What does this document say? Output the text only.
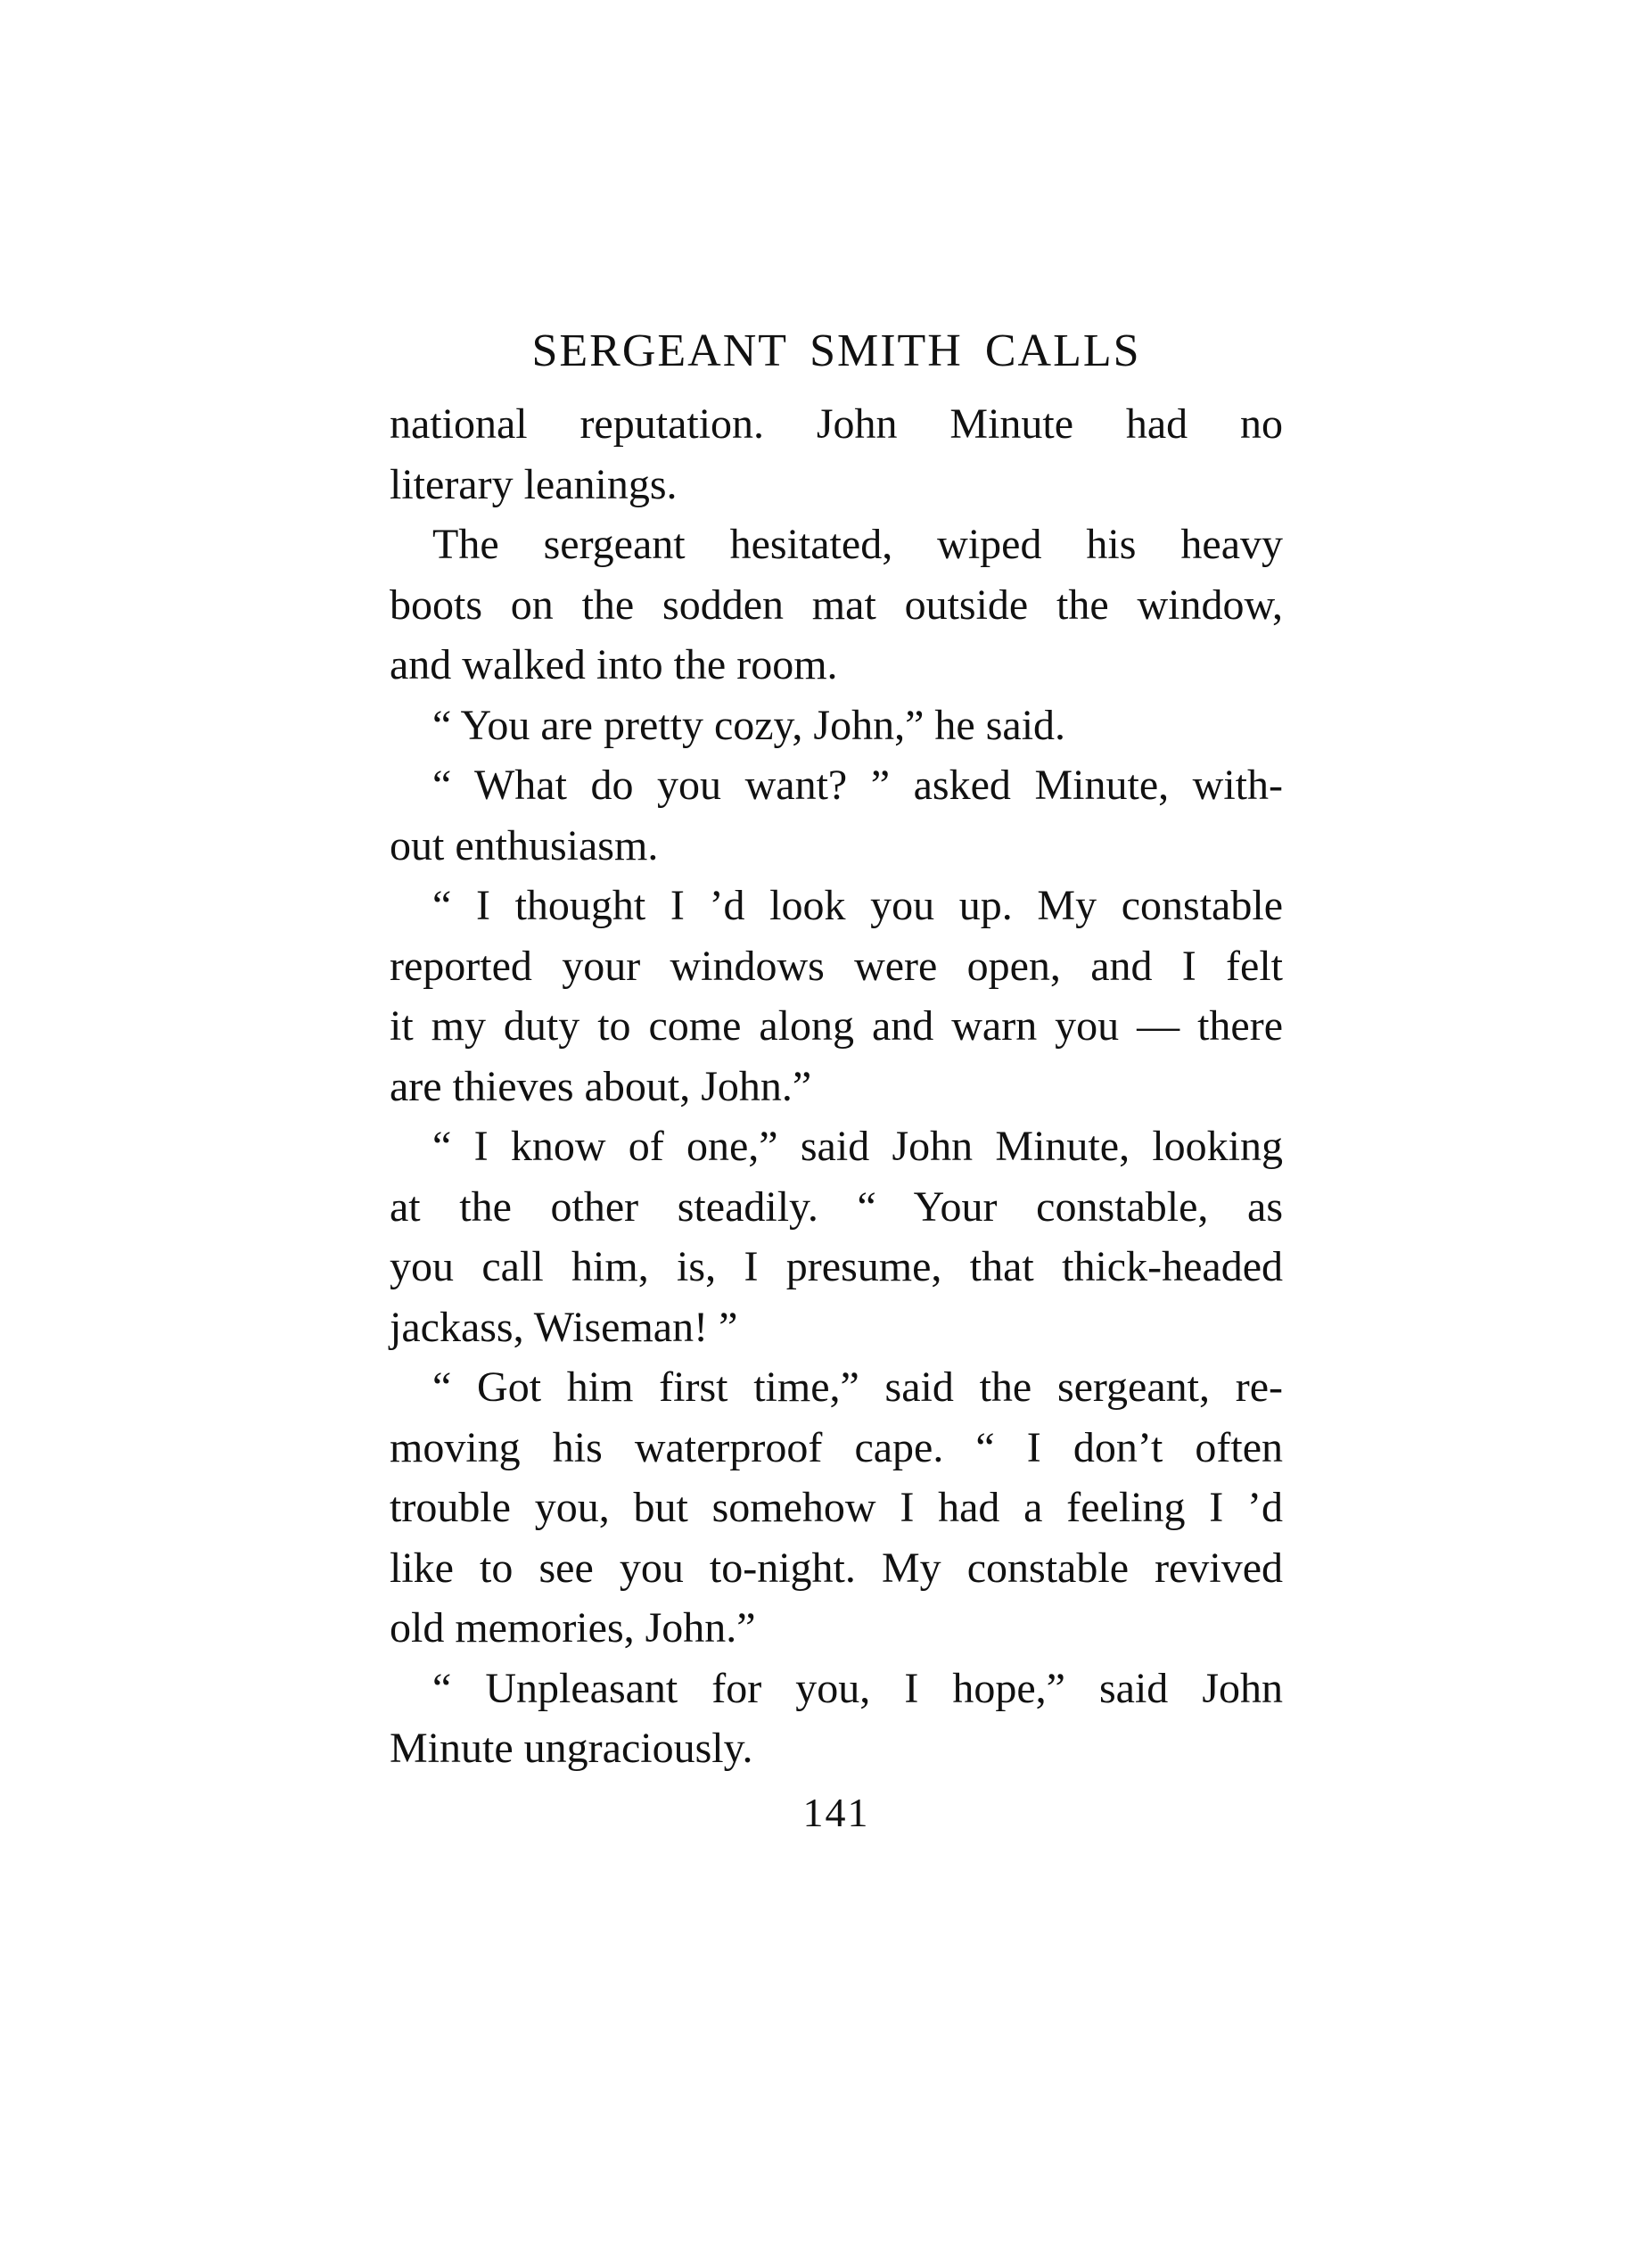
SERGEANT SMITH CALLS
national reputation. John Minute had no
literary leanings.
The sergeant hesitated, wiped his heavy
boots on the sodden mat outside the window,
and walked into the room.
“ You are pretty cozy, John,” he said.
“ What do you want? ” asked Minute, with-
out enthusiasm.
“ I thought I ’d look you up. My constable
reported your windows were open, and I felt
it my duty to come along and warn you — there
are thieves about, John.”
“ I know of one,” said John Minute, looking
at the other steadily. “ Your constable, as
you call him, is, I presume, that thick-headed
jackass, Wiseman! ”
“ Got him first time,” said the sergeant, re-
moving his waterproof cape. “ I don’t often
trouble you, but somehow I had a feeling I ’d
like to see you to-night. My constable revived
old memories, John.”
“ Unpleasant for you, I hope,” said John
Minute ungraciously.
141
